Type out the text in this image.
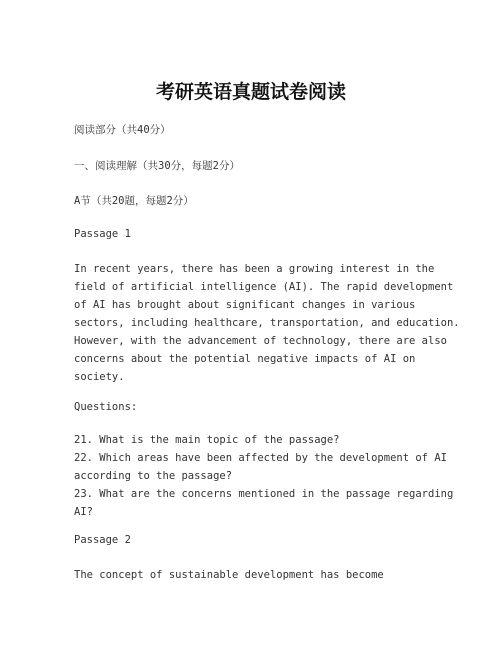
考研英语真题试卷阅读

阅读部分（共40分）

一、阅读理解（共30分，每题2分）

A节（共20题，每题2分）

Passage 1

In recent years, there has been a growing interest in the
field of artificial intelligence (AI). The rapid development
of AI has brought about significant changes in various
sectors, including healthcare, transportation, and education.
However, with the advancement of technology, there are also
concerns about the potential negative impacts of AI on
society.

Questions:

21. What is the main topic of the passage?
22. Which areas have been affected by the development of AI
according to the passage?
23. What are the concerns mentioned in the passage regarding
AI?

Passage 2

The concept of sustainable development has become
